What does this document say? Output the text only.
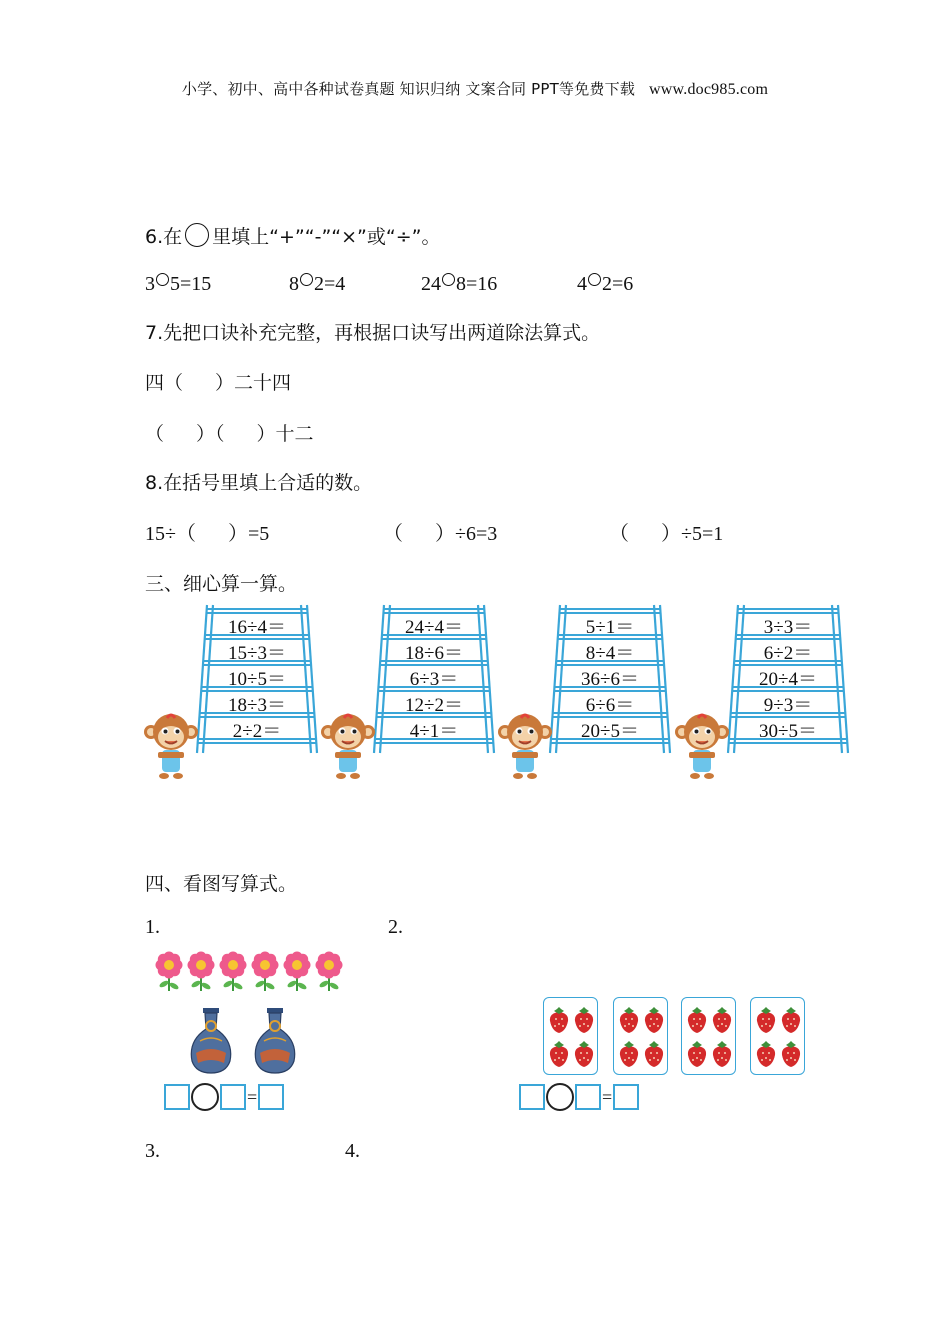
小学、初中、高中各种试卷真题 知识归纳 文案合同 PPT等免费下载 www.doc985.com
6.在 里填上“+”“-”“×”或“÷”。
3 5=15	8 2=4	24 8=16	4 2=6
7.先把口诀补充完整，再根据口诀写出两道除法算式。
四（ ）二十四
（ ）（ ）十二
8.在括号里填上合适的数。
15÷（ ）=5	（ ）÷6=3	（ ）÷5=1
三、细心算一算。
16÷4＝
15÷3＝
10÷5＝
18÷3＝
2÷2＝
24÷4＝
18÷6＝
6÷3＝
12÷2＝
4÷1＝
5÷1＝
8÷4＝
36÷6＝
6÷6＝
20÷5＝
3÷3＝
6÷2＝
20÷4＝
9÷3＝
30÷5＝
四、看图写算式。
1.	2.
3.	4.
=	=
